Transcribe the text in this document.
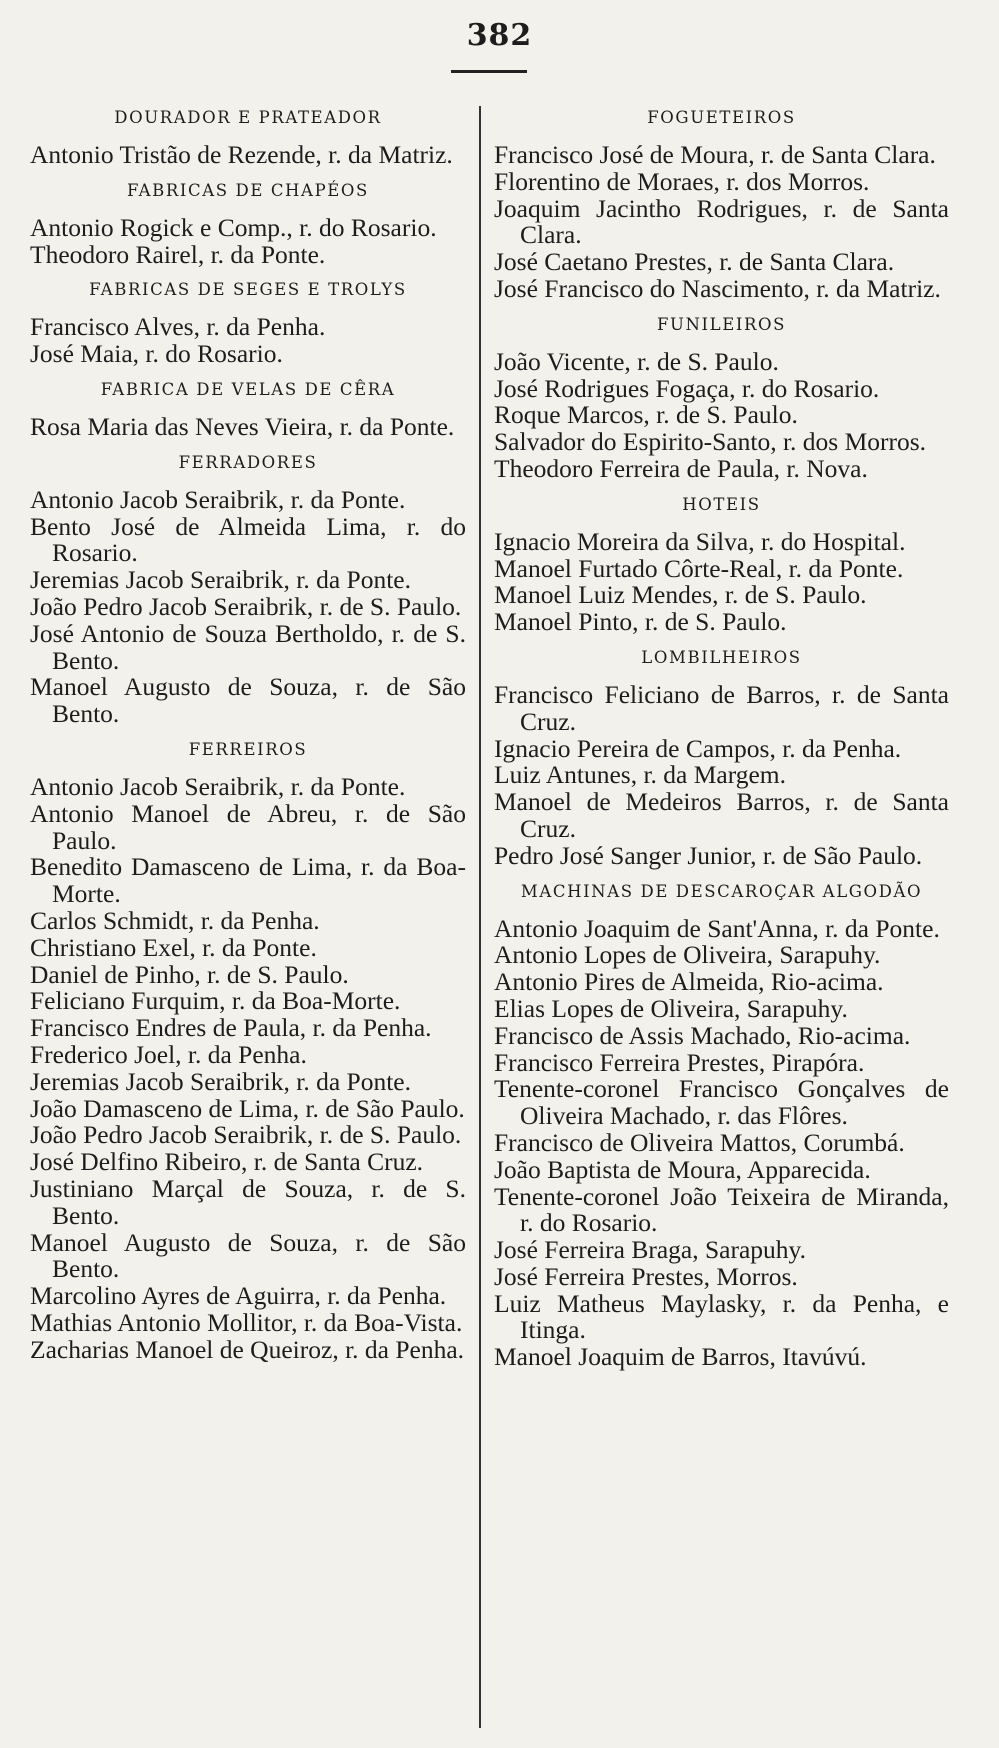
382
DOURADOR E PRATEADOR

Antonio Tristão de Rezende, r. da Matriz.

FABRICAS DE CHAPÉOS

Antonio Rogick e Comp., r. do Rosario.

Theodoro Rairel, r. da Ponte.

FABRICAS DE SEGES E TROLYS

Francisco Alves, r. da Penha.

José Maia, r. do Rosario.

FABRICA DE VELAS DE CÊRA

Rosa Maria das Neves Vieira, r. da Ponte.

FERRADORES

Antonio Jacob Seraibrik, r. da Ponte.

Bento José de Almeida Lima, r. do Rosario.

Jeremias Jacob Seraibrik, r. da Ponte.

João Pedro Jacob Seraibrik, r. de S. Paulo.

José Antonio de Souza Bertholdo, r. de S. Bento.

Manoel Augusto de Souza, r. de São Bento.

FERREIROS

Antonio Jacob Seraibrik, r. da Ponte.

Antonio Manoel de Abreu, r. de São Paulo.

Benedito Damasceno de Lima, r. da Boa-Morte.

Carlos Schmidt, r. da Penha.

Christiano Exel, r. da Ponte.

Daniel de Pinho, r. de S. Paulo.

Feliciano Furquim, r. da Boa-Morte.

Francisco Endres de Paula, r. da Penha.

Frederico Joel, r. da Penha.

Jeremias Jacob Seraibrik, r. da Ponte.

João Damasceno de Lima, r. de São Paulo.

João Pedro Jacob Seraibrik, r. de S. Paulo.

José Delfino Ribeiro, r. de Santa Cruz.

Justiniano Marçal de Souza, r. de S. Bento.

Manoel Augusto de Souza, r. de São Bento.

Marcolino Ayres de Aguirra, r. da Penha.

Mathias Antonio Mollitor, r. da Boa-Vista.

Zacharias Manoel de Queiroz, r. da Penha.

FOGUETEIROS

Francisco José de Moura, r. de Santa Clara.

Florentino de Moraes, r. dos Morros.

Joaquim Jacintho Rodrigues, r. de Santa Clara.

José Caetano Prestes, r. de Santa Clara.

José Francisco do Nascimento, r. da Matriz.

FUNILEIROS

João Vicente, r. de S. Paulo.

José Rodrigues Fogaça, r. do Rosario.

Roque Marcos, r. de S. Paulo.

Salvador do Espirito-Santo, r. dos Morros.

Theodoro Ferreira de Paula, r. Nova.

HOTEIS

Ignacio Moreira da Silva, r. do Hospital.

Manoel Furtado Côrte-Real, r. da Ponte.

Manoel Luiz Mendes, r. de S. Paulo.

Manoel Pinto, r. de S. Paulo.

LOMBILHEIROS

Francisco Feliciano de Barros, r. de Santa Cruz.

Ignacio Pereira de Campos, r. da Penha.

Luiz Antunes, r. da Margem.

Manoel de Medeiros Barros, r. de Santa Cruz.

Pedro José Sanger Junior, r. de São Paulo.

MACHINAS DE DESCAROÇAR ALGODÃO

Antonio Joaquim de Sant'Anna, r. da Ponte.

Antonio Lopes de Oliveira, Sarapuhy.

Antonio Pires de Almeida, Rio-acima.

Elias Lopes de Oliveira, Sarapuhy.

Francisco de Assis Machado, Rio-acima.

Francisco Ferreira Prestes, Pirapóra.

Tenente-coronel Francisco Gonçalves de Oliveira Machado, r. das Flôres.

Francisco de Oliveira Mattos, Corumbá.

João Baptista de Moura, Apparecida.

Tenente-coronel João Teixeira de Miranda, r. do Rosario.

José Ferreira Braga, Sarapuhy.

José Ferreira Prestes, Morros.

Luiz Matheus Maylasky, r. da Penha, e Itinga.

Manoel Joaquim de Barros, Itavúvú.
